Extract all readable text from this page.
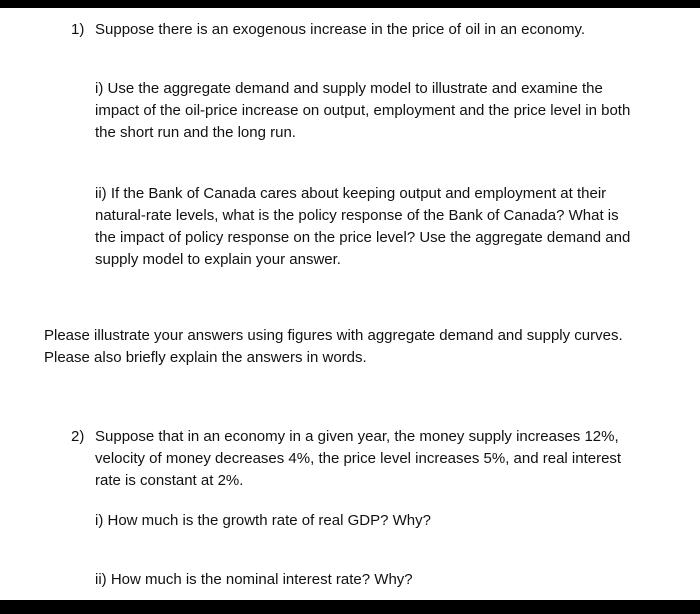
1) Suppose there is an exogenous increase in the price of oil in an economy.
i) Use the aggregate demand and supply model to illustrate and examine the
impact of the oil-price increase on output, employment and the price level in both
the short run and the long run.
ii) If the Bank of Canada cares about keeping output and employment at their
natural-rate levels, what is the policy response of the Bank of Canada? What is
the impact of policy response on the price level? Use the aggregate demand and
supply model to explain your answer.
Please illustrate your answers using figures with aggregate demand and supply curves.
Please also briefly explain the answers in words.
2) Suppose that in an economy in a given year, the money supply increases 12%,
velocity of money decreases 4%, the price level increases 5%, and real interest
rate is constant at 2%.
i) How much is the growth rate of real GDP? Why?
ii) How much is the nominal interest rate? Why?
